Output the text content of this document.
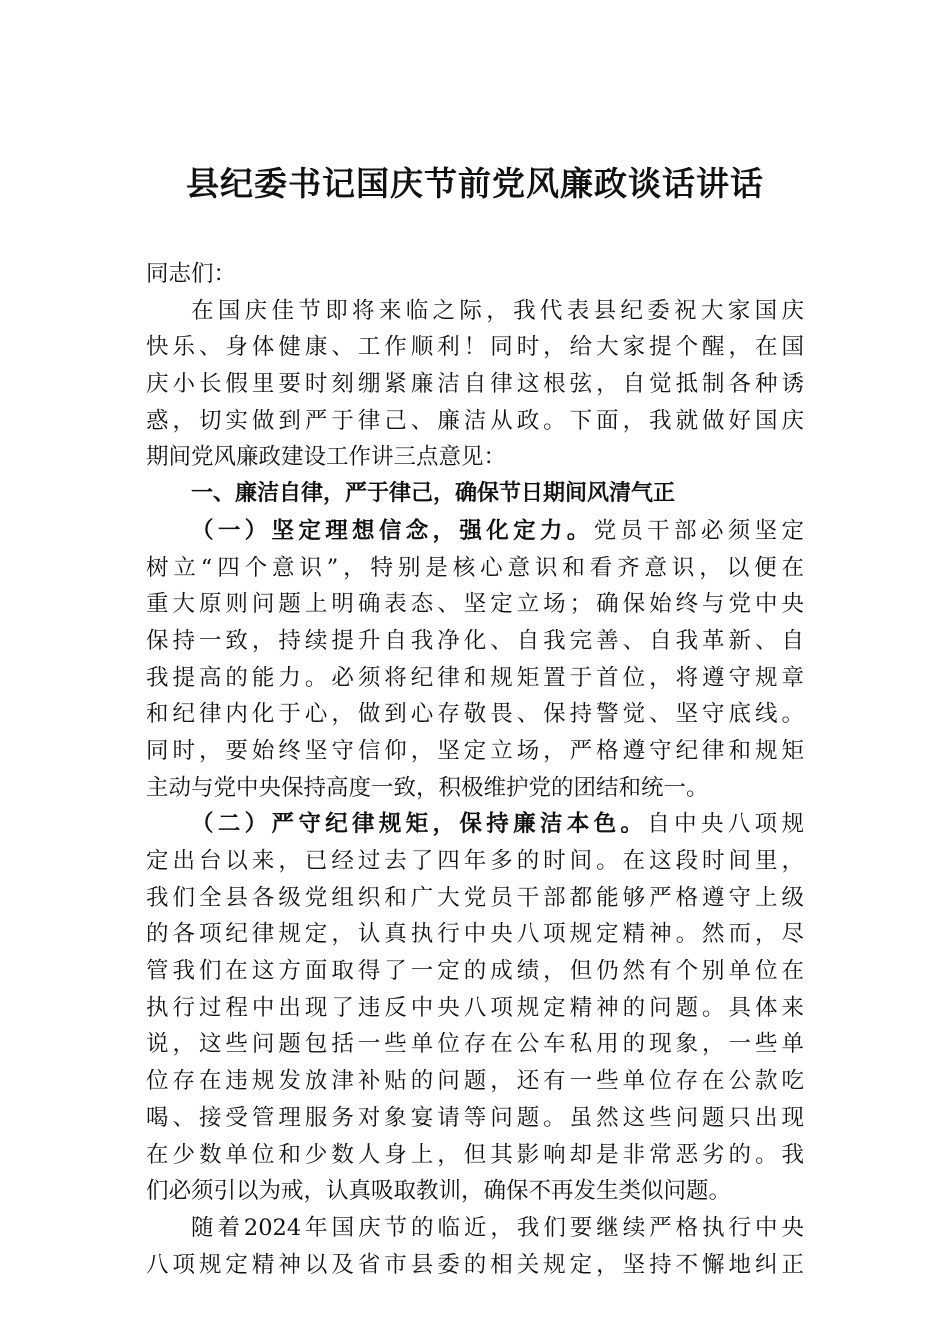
县纪委书记国庆节前党风廉政谈话讲话
同志们：
在国庆佳节即将来临之际，我代表县纪委祝大家国庆
快乐、身体健康、工作顺利！同时，给大家提个醒，在国
庆小长假里要时刻绷紧廉洁自律这根弦，自觉抵制各种诱
惑，切实做到严于律己、廉洁从政。下面，我就做好国庆
期间党风廉政建设工作讲三点意见：
一、廉洁自律，严于律己，确保节日期间风清气正
（一）坚定理想信念，强化定力。党员干部必须坚定
树立“四个意识”，特别是核心意识和看齐意识，以便在
重大原则问题上明确表态、坚定立场；确保始终与党中央
保持一致，持续提升自我净化、自我完善、自我革新、自
我提高的能力。必须将纪律和规矩置于首位，将遵守规章
和纪律内化于心，做到心存敬畏、保持警觉、坚守底线。
同时，要始终坚守信仰，坚定立场，严格遵守纪律和规矩
主动与党中央保持高度一致，积极维护党的团结和统一。
（二）严守纪律规矩，保持廉洁本色。自中央八项规
定出台以来，已经过去了四年多的时间。在这段时间里，
我们全县各级党组织和广大党员干部都能够严格遵守上级
的各项纪律规定，认真执行中央八项规定精神。然而，尽
管我们在这方面取得了一定的成绩，但仍然有个别单位在
执行过程中出现了违反中央八项规定精神的问题。具体来
说，这些问题包括一些单位存在公车私用的现象，一些单
位存在违规发放津补贴的问题，还有一些单位存在公款吃
喝、接受管理服务对象宴请等问题。虽然这些问题只出现
在少数单位和少数人身上，但其影响却是非常恶劣的。我
们必须引以为戒，认真吸取教训，确保不再发生类似问题。
随着2024年国庆节的临近，我们要继续严格执行中央
八项规定精神以及省市县委的相关规定，坚持不懈地纠正
